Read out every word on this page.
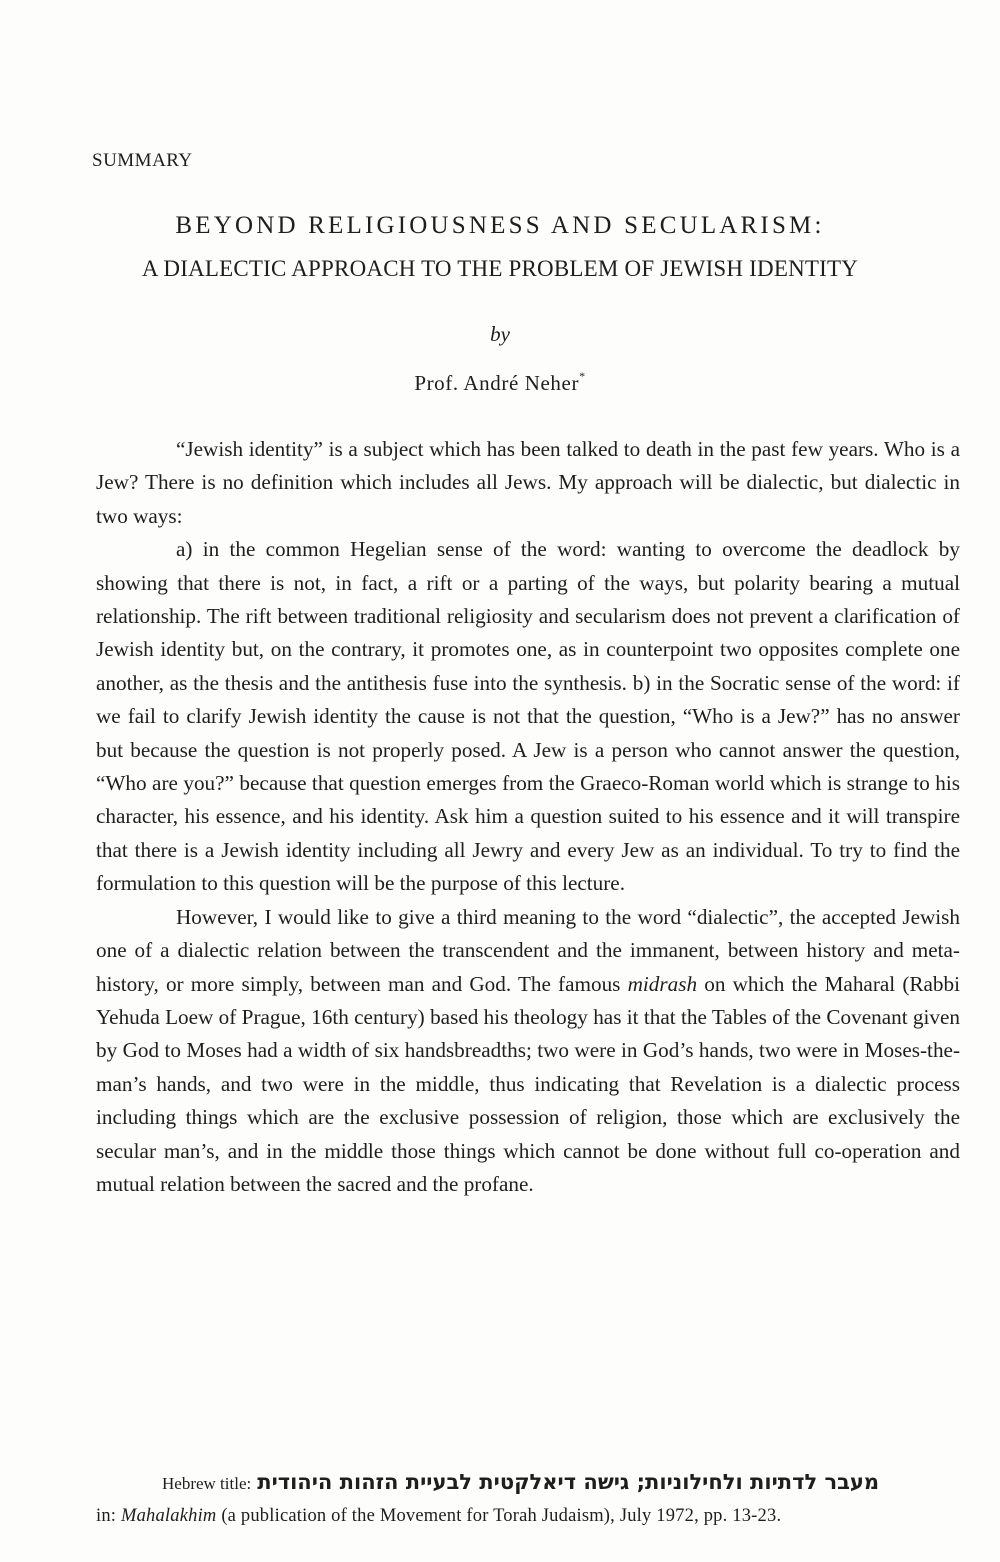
SUMMARY
BEYOND RELIGIOUSNESS AND SECULARISM:
A DIALECTIC APPROACH TO THE PROBLEM OF JEWISH IDENTITY
by
Prof. André Neher*

“Jewish identity” is a subject which has been talked to death in the past few years. Who is a Jew? There is no definition which includes all Jews. My approach will be dialectic, but dialectic in two ways:

a) in the common Hegelian sense of the word: wanting to overcome the deadlock by showing that there is not, in fact, a rift or a parting of the ways, but polarity bearing a mutual relationship. The rift between traditional religiosity and secularism does not prevent a clarification of Jewish identity but, on the contrary, it promotes one, as in counterpoint two opposites complete one another, as the thesis and the antithesis fuse into the synthesis. b) in the Socratic sense of the word: if we fail to clarify Jewish identity the cause is not that the question, “Who is a Jew?” has no answer but because the question is not properly posed. A Jew is a person who cannot answer the question, “Who are you?” because that question emerges from the Graeco-Roman world which is strange to his character, his essence, and his identity. Ask him a question suited to his essence and it will transpire that there is a Jewish identity including all Jewry and every Jew as an individual. To try to find the formulation to this question will be the purpose of this lecture.

However, I would like to give a third meaning to the word “dialectic”, the accepted Jewish one of a dialectic relation between the transcendent and the immanent, between history and meta-history, or more simply, between man and God. The famous midrash on which the Maharal (Rabbi Yehuda Loew of Prague, 16th century) based his theology has it that the Tables of the Covenant given by God to Moses had a width of six handsbreadths; two were in God’s hands, two were in Moses-the-man’s hands, and two were in the middle, thus indicating that Revelation is a dialectic process including things which are the exclusive possession of religion, those which are exclusively the secular man’s, and in the middle those things which cannot be done without full co-operation and mutual relation between the sacred and the profane.

Hebrew title: מעבר לדתיות ולחילוניות; גישה דיאלקטית לבעיית הזהות היהודית
in: Mahalakhim (a publication of the Movement for Torah Judaism), July 1972, pp. 13-23.
